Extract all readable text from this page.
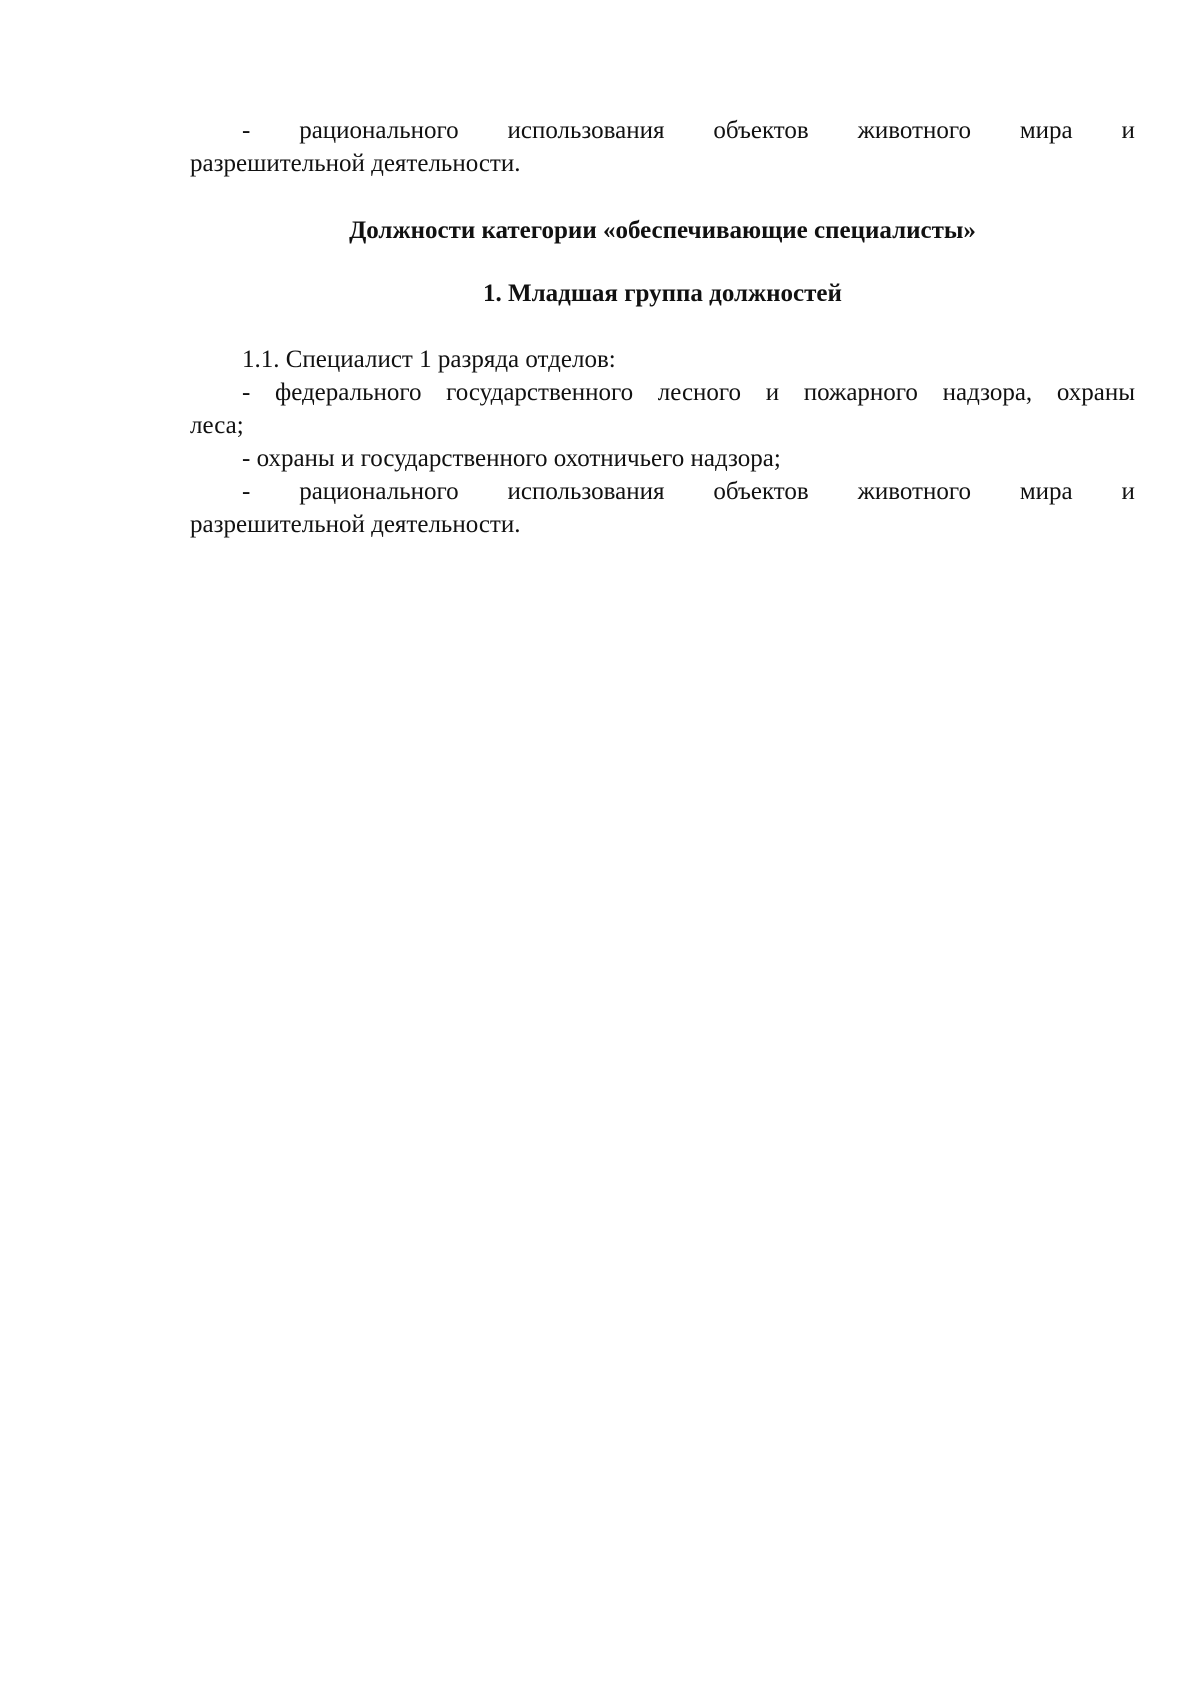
- рационального использования объектов животного мира и

разрешительной деятельности.

Должности категории «обеспечивающие специалисты»
1. Младшая группа должностей

1.1. Специалист 1 разряда отделов:

- федерального государственного лесного и пожарного надзора, охраны

леса;

- охраны и государственного охотничьего надзора;

- рационального использования объектов животного мира и

разрешительной деятельности.
